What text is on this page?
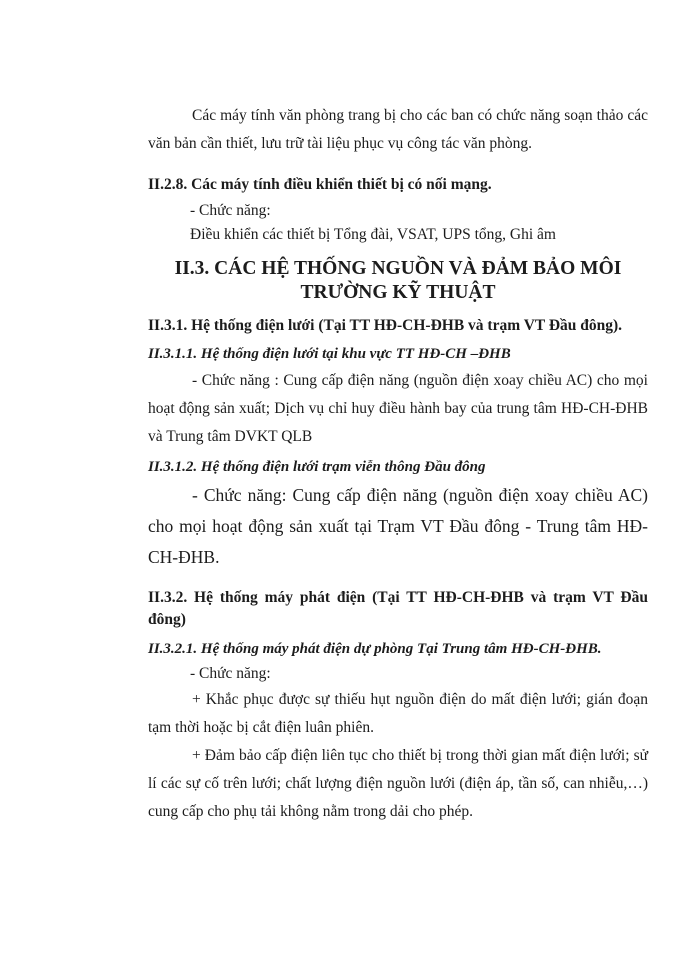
Các máy tính văn phòng trang bị cho các ban có chức năng soạn thảo các văn bản cần thiết, lưu trữ tài liệu phục vụ công tác văn phòng.

II.2.8. Các máy tính điều khiển thiết bị có nối mạng.

- Chức năng:

Điều khiển các thiết bị Tổng đài, VSAT, UPS tổng, Ghi âm

II.3. CÁC HỆ THỐNG NGUỒN VÀ ĐẢM BẢO MÔI TRƯỜNG KỸ THUẬT

II.3.1. Hệ thống điện lưới (Tại TT HĐ-CH-ĐHB và trạm VT Đầu đông).

II.3.1.1. Hệ thống điện lưới tại khu vực TT HĐ-CH –ĐHB

- Chức năng : Cung cấp điện năng (nguồn điện xoay chiều AC) cho mọi hoạt động sản xuất; Dịch vụ chỉ huy điều hành bay của trung tâm HĐ-CH-ĐHB và Trung tâm DVKT QLB

II.3.1.2. Hệ thống điện lưới trạm viễn thông Đầu đông

- Chức năng: Cung cấp điện năng (nguồn điện xoay chiều AC) cho mọi hoạt động sản xuất tại Trạm VT Đầu đông - Trung tâm HĐ-CH-ĐHB.

II.3.2. Hệ thống máy phát điện (Tại TT HĐ-CH-ĐHB và trạm VT Đầu đông)

II.3.2.1. Hệ thống máy phát điện dự phòng Tại Trung tâm HĐ-CH-ĐHB.

- Chức năng:

+ Khắc phục được sự thiếu hụt nguồn điện do mất điện lưới; gián đoạn tạm thời hoặc bị cắt điện luân phiên.

+ Đảm bảo cấp điện liên tục cho thiết bị trong thời gian mất điện lưới; sử lí các sự cố trên lưới; chất lượng điện nguồn lưới (điện áp, tần số, can nhiễu,…) cung cấp cho phụ tải không nằm trong dải cho phép.
